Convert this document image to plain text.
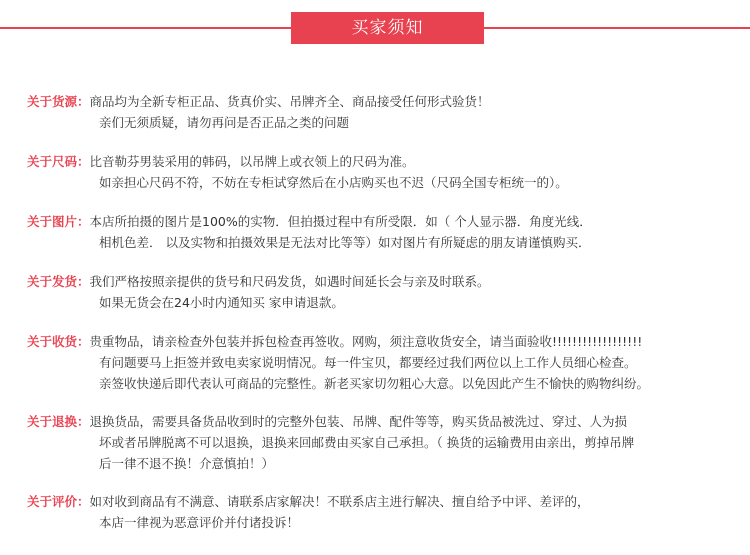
买家须知
关于货源：商品均为全新专柜正品、货真价实、吊牌齐全、商品接受任何形式验货！
亲们无须质疑，请勿再问是否正品之类的问题
关于尺码：比音勒芬男装采用的韩码，以吊牌上或衣领上的尺码为准。
如亲担心尺码不符，不妨在专柜试穿然后在小店购买也不迟（尺码全国专柜统一的）。
关于图片：本店所拍摄的图片是100%的实物．但拍摄过程中有所受限．如（ 个人显示器．角度光线．
相机色差． 以及实物和拍摄效果是无法对比等等）如对图片有所疑虑的朋友请谨慎购买．
关于发货：我们严格按照亲提供的货号和尺码发货，如遇时间延长会与亲及时联系。
如果无货会在24小时内通知买 家申请退款。
关于收货：贵重物品，请亲检查外包装并拆包检查再签收。网购，须注意收货安全，请当面验收!!!!!!!!!!!!!!!!!!
有问题要马上拒签并致电卖家说明情况。每一件宝贝，都要经过我们两位以上工作人员细心检查。
亲签收快递后即代表认可商品的完整性。新老买家切勿粗心大意。以免因此产生不愉快的购物纠纷。
关于退换：退换货品，需要具备货品收到时的完整外包装、吊牌、配件等等，购买货品被洗过、穿过、人为损
坏或者吊牌脱离不可以退换，退换来回邮费由买家自己承担。（ 换货的运输费用由亲出，剪掉吊牌
后一律不退不换！介意慎拍！）
关于评价：如对收到商品有不满意、请联系店家解决！不联系店主进行解决、擅自给予中评、差评的，
本店一律视为恶意评价并付诸投诉！
